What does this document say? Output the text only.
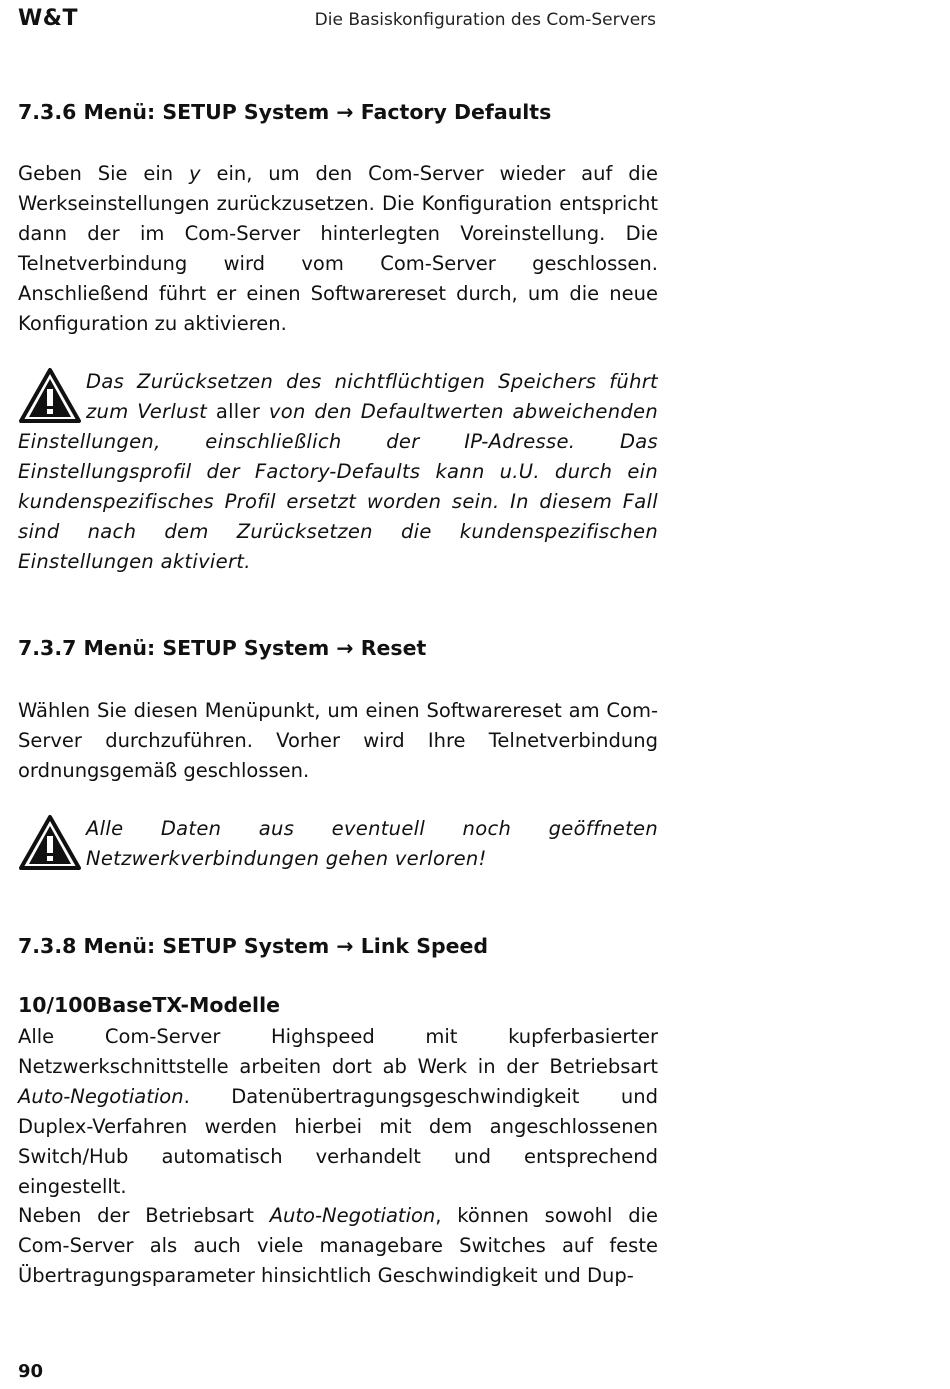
W&T	Die Basiskonfiguration des Com-Servers
7.3.6 Menü: SETUP System → Factory Defaults

Geben Sie ein y ein, um den Com-Server wieder auf die Werkseinstellungen zurückzusetzen. Die Konfiguration entspricht dann der im Com-Server hinterlegten Voreinstellung. Die Telnetverbindung wird vom Com-Server geschlossen. Anschließend führt er einen Softwarereset durch, um die neue Konfiguration zu aktivieren.

Das Zurücksetzen des nichtflüchtigen Speichers führt zum Verlust aller von den Defaultwerten abweichenden Einstellungen, einschließlich der IP-Adresse. Das Einstellungsprofil der Factory-Defaults kann u.U. durch ein kundenspezifisches Profil ersetzt worden sein. In diesem Fall sind nach dem Zurücksetzen die kundenspezifischen Einstellungen aktiviert.
7.3.7 Menü: SETUP System → Reset

Wählen Sie diesen Menüpunkt, um einen Softwarereset am Com-Server durchzuführen. Vorher wird Ihre Telnetverbindung ordnungsgemäß geschlossen.

Alle Daten aus eventuell noch geöffneten Netzwerkverbindungen gehen verloren!
7.3.8 Menü: SETUP System → Link Speed
10/100BaseTX-Modelle

Alle Com-Server Highspeed mit kupferbasierter Netzwerkschnittstelle arbeiten dort ab Werk in der Betriebsart Auto-Negotiation. Datenübertragungsgeschwindigkeit und Duplex-Verfahren werden hierbei mit dem angeschlossenen Switch/Hub automatisch verhandelt und entsprechend eingestellt.

Neben der Betriebsart Auto-Negotiation, können sowohl die Com-Server als auch viele managebare Switches auf feste Übertragungsparameter hinsichtlich Geschwindigkeit und Dup-

90
